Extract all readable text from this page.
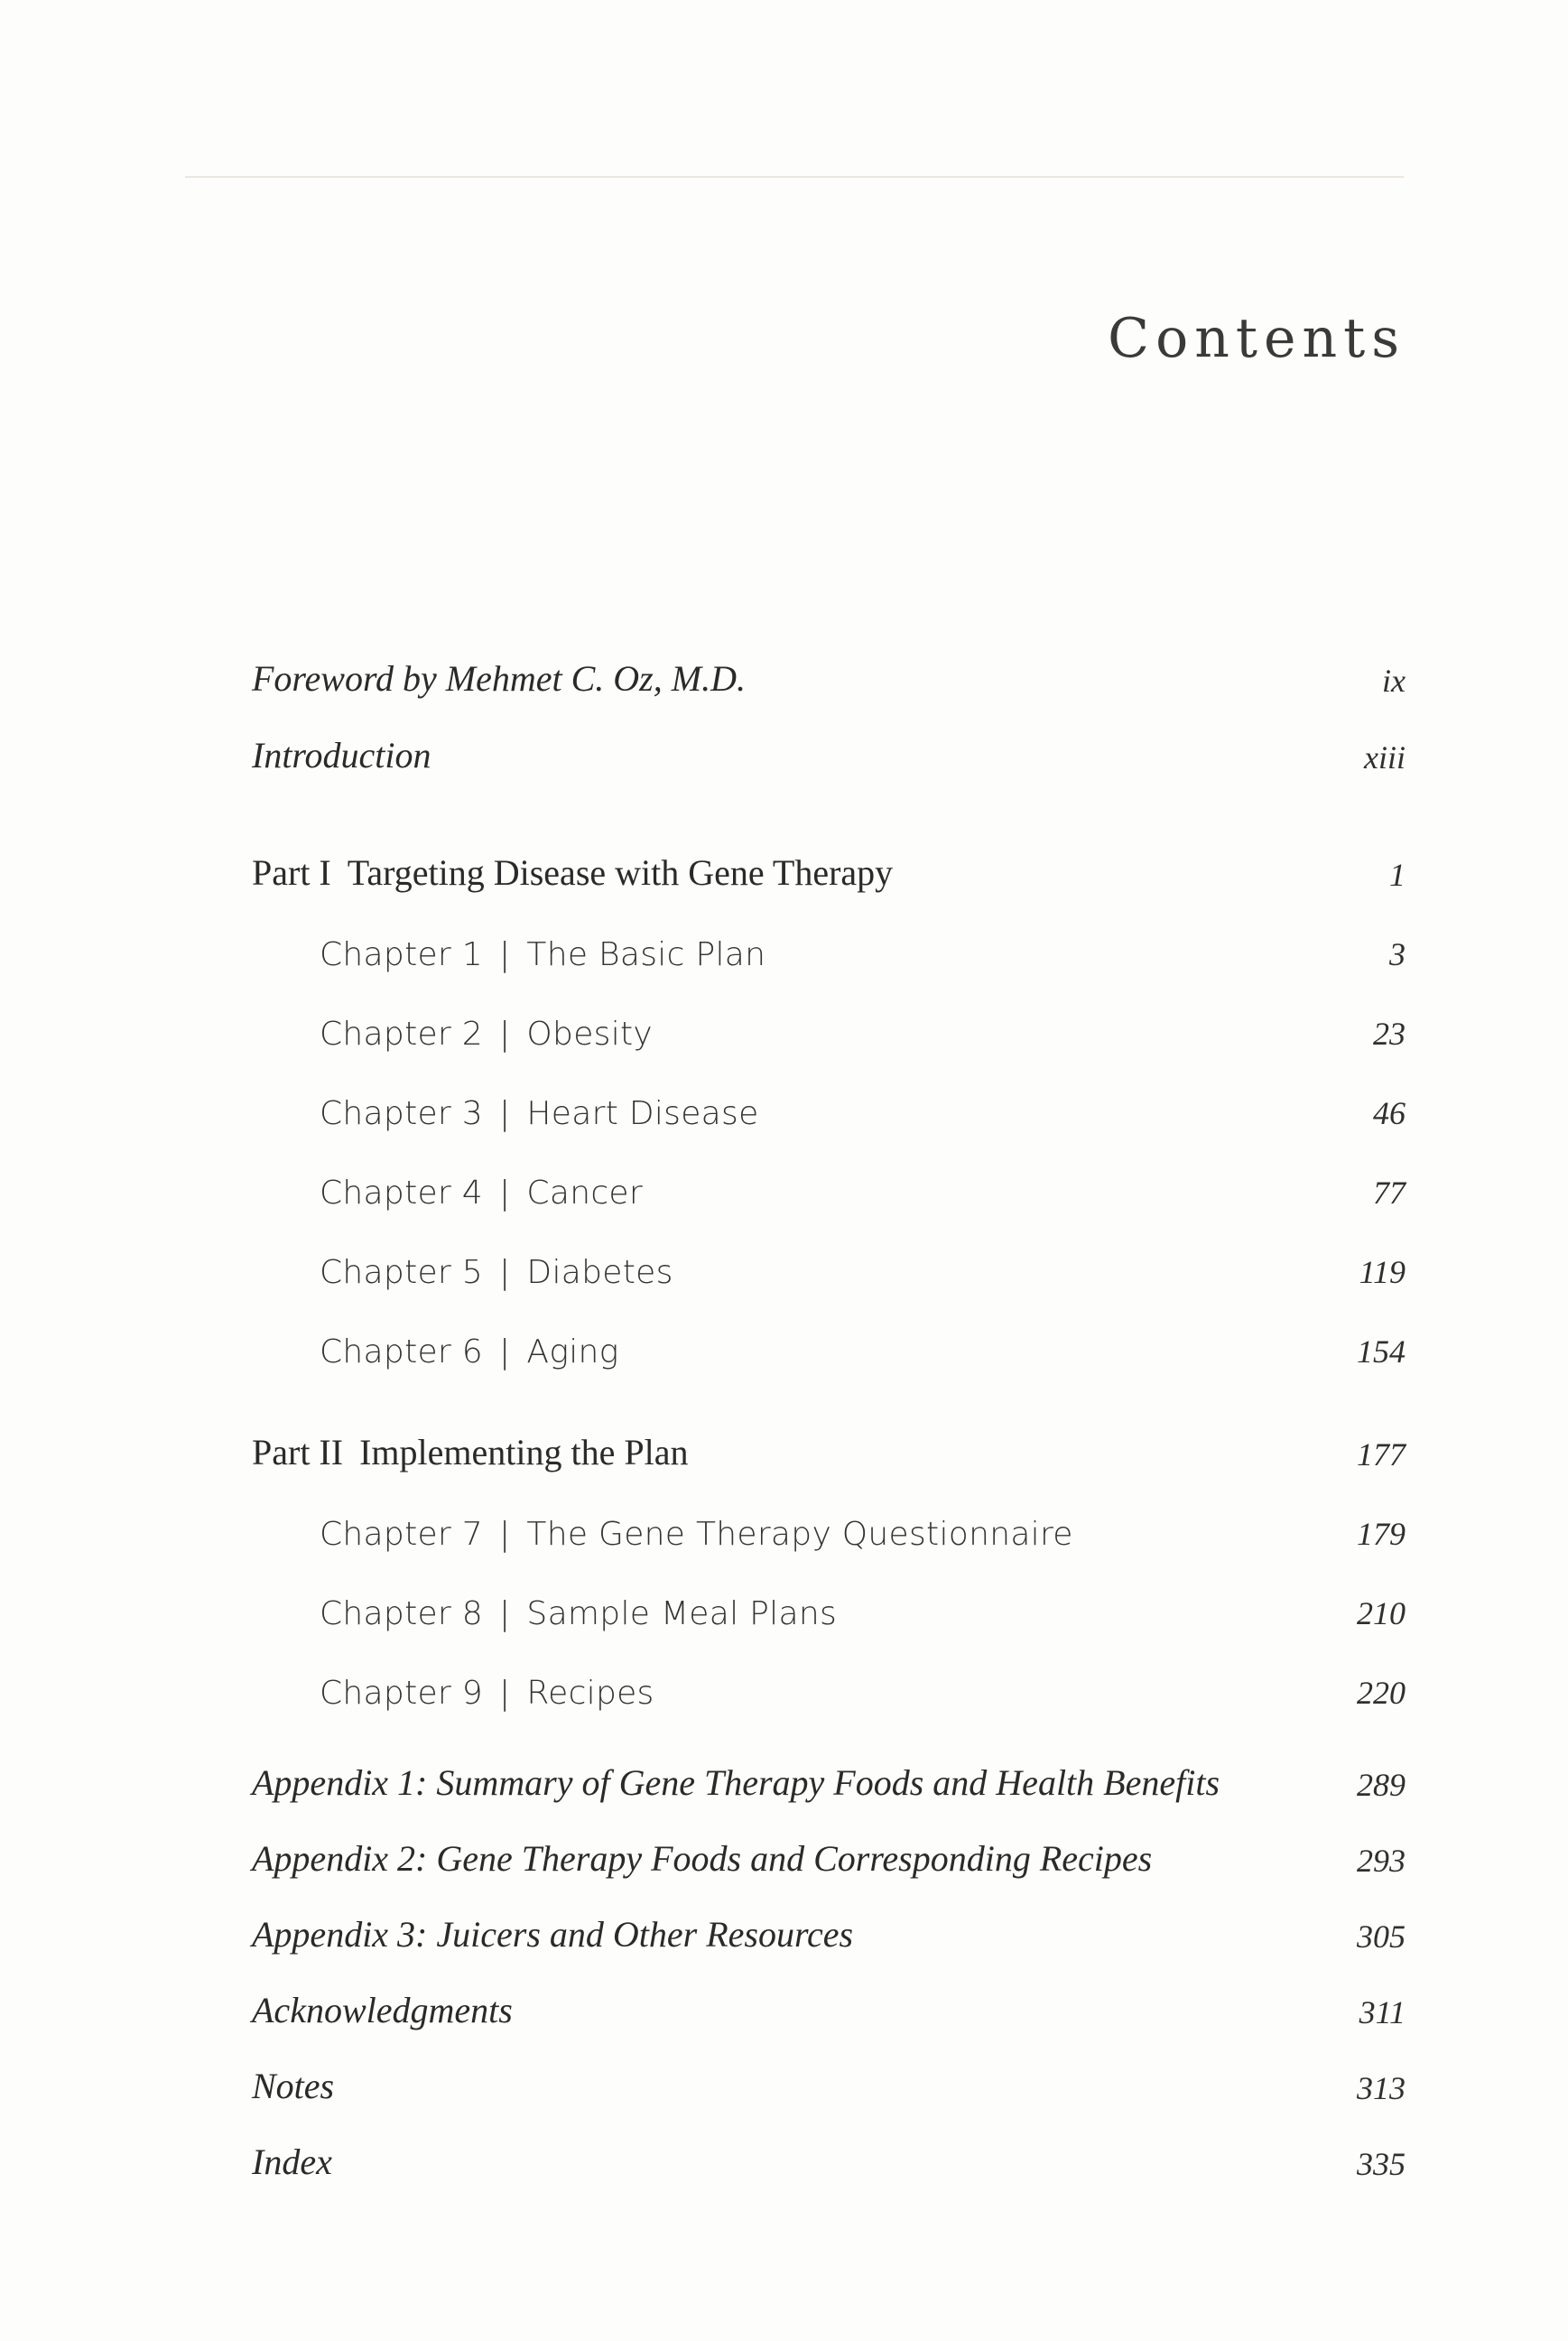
Contents
Foreword by Mehmet C. Oz, M.D.	ix
Introduction	xiii
Part I Targeting Disease with Gene Therapy	1
Chapter 1 | The Basic Plan	3
Chapter 2 | Obesity	23
Chapter 3 | Heart Disease	46
Chapter 4 | Cancer	77
Chapter 5 | Diabetes	119
Chapter 6 | Aging	154
Part II Implementing the Plan	177
Chapter 7 | The Gene Therapy Questionnaire	179
Chapter 8 | Sample Meal Plans	210
Chapter 9 | Recipes	220
Appendix 1: Summary of Gene Therapy Foods and Health Benefits	289
Appendix 2: Gene Therapy Foods and Corresponding Recipes	293
Appendix 3: Juicers and Other Resources	305
Acknowledgments	311
Notes	313
Index	335
